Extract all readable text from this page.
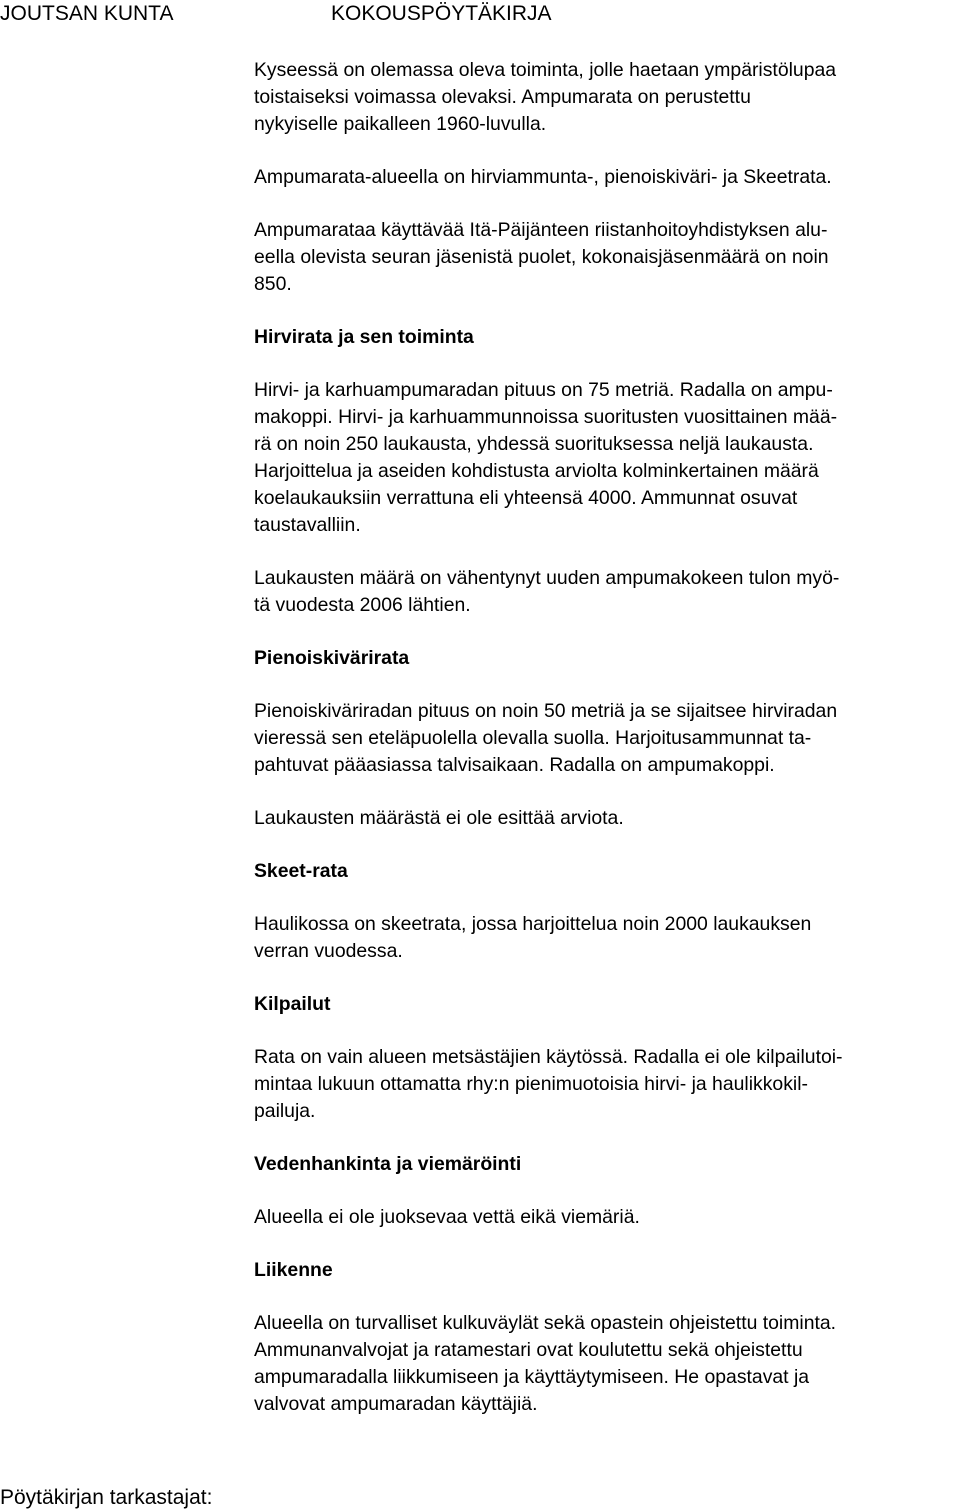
JOUTSAN KUNTA	KOKOUSPÖYTÄKIRJA
Kyseessä on olemassa oleva toiminta, jolle haetaan ympäristölupaa
toistaiseksi voimassa olevaksi. Ampumarata on perustettu
nykyiselle paikalleen 1960-luvulla.
Ampumarata-alueella on hirviammunta-, pienoiskiväri- ja Skeetrata.
Ampumarataa käyttävää Itä-Päijänteen riistanhoitoyhdistyksen alu-
eella olevista seuran jäsenistä puolet, kokonaisjäsenmäärä on noin
850.
Hirvirata ja sen toiminta
Hirvi- ja karhuampumaradan pituus on 75 metriä. Radalla on ampu-
makoppi. Hirvi- ja karhuammunnoissa suoritusten vuosittainen mää-
rä on noin 250 laukausta, yhdessä suorituksessa neljä laukausta.
Harjoittelua ja aseiden kohdistusta arviolta kolminkertainen määrä
koelaukauksiin verrattuna eli yhteensä 4000. Ammunnat osuvat
taustavalliin.
Laukausten määrä on vähentynyt uuden ampumakokeen tulon myö-
tä vuodesta 2006 lähtien.
Pienoiskivärirata
Pienoiskiväriradan pituus on noin 50 metriä ja se sijaitsee hirviradan
vieressä sen eteläpuolella olevalla suolla. Harjoitusammunnat ta-
pahtuvat pääasiassa talvisaikaan. Radalla on ampumakoppi.
Laukausten määrästä ei ole esittää arviota.
Skeet-rata
Haulikossa on skeetrata, jossa harjoittelua noin 2000 laukauksen
verran vuodessa.
Kilpailut
Rata on vain alueen metsästäjien käytössä. Radalla ei ole kilpailutoi-
mintaa lukuun ottamatta rhy:n pienimuotoisia hirvi- ja haulikkokil-
pailuja.
Vedenhankinta ja viemäröinti
Alueella ei ole juoksevaa vettä eikä viemäriä.
Liikenne
Alueella on turvalliset kulkuväylät sekä opastein ohjeistettu toiminta.
Ammunanvalvojat ja ratamestari ovat koulutettu sekä ohjeistettu
ampumaradalla liikkumiseen ja käyttäytymiseen. He opastavat ja
valvovat ampumaradan käyttäjiä.
Pöytäkirjan tarkastajat:
